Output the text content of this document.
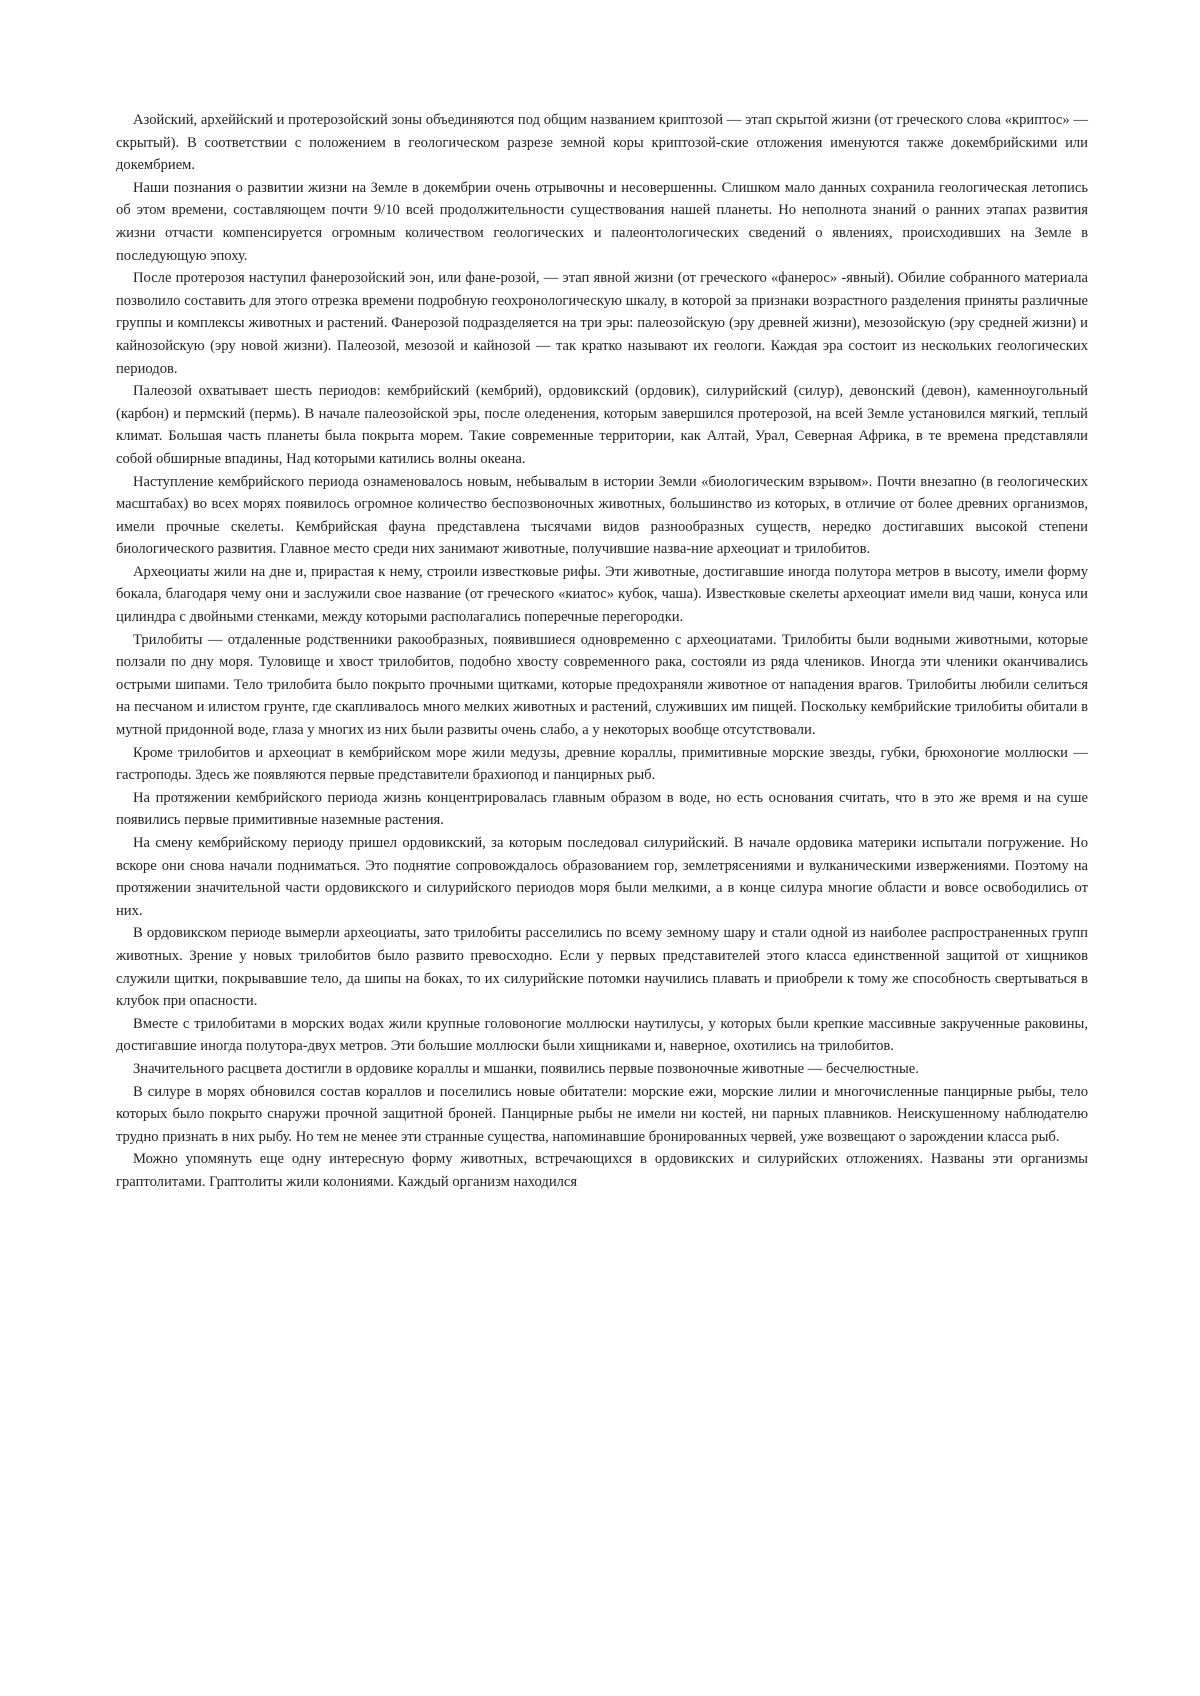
Азойский, археййский и протерозойский зоны объединяются под общим названием криптозой — этап скрытой жизни (от греческого слова «криптос» — скрытый). В соответствии с положением в геологическом разрезе земной коры криптозой-ские отложения именуются также докембрийскими или докембрием.

Наши познания о развитии жизни на Земле в докембрии очень отрывочны и несовершенны. Слишком мало данных сохранила геологическая летопись об этом времени, составляющем почти 9/10 всей продолжительности существования нашей планеты. Но неполнота знаний о ранних этапах развития жизни отчасти компенсируется огромным количеством геологических и палеонтологических сведений о явлениях, происходивших на Земле в последующую эпоху.

После протерозоя наступил фанерозойский эон, или фане-розой, — этап явной жизни (от греческого «фанерос» -явный). Обилие собранного материала позволило составить для этого отрезка времени подробную геохронологическую шкалу, в которой за признаки возрастного разделения приняты различные группы и комплексы животных и растений. Фанерозой подразделяется на три эры: палеозойскую (эру древней жизни), мезозойскую (эру средней жизни) и кайнозойскую (эру новой жизни). Палеозой, мезозой и кайнозой — так кратко называют их геологи. Каждая эра состоит из нескольких геологических периодов.

Палеозой охватывает шесть периодов: кембрийский (кембрий), ордовикский (ордовик), силурийский (силур), девонский (девон), каменноугольный (карбон) и пермский (пермь). В начале палеозойской эры, после оледенения, которым завершился протерозой, на всей Земле установился мягкий, теплый климат. Большая часть планеты была покрыта морем. Такие современные территории, как Алтай, Урал, Северная Африка, в те времена представляли собой обширные впадины, Над которыми катились волны океана.

Наступление кембрийского периода ознаменовалось новым, небывалым в истории Земли «биологическим взрывом». Почти внезапно (в геологических масштабах) во всех морях появилось огромное количество беспозвоночных животных, большинство из которых, в отличие от более древних организмов, имели прочные скелеты. Кембрийская фауна представлена тысячами видов разнообразных существ, нередко достигавших высокой степени биологического развития. Главное место среди них занимают животные, получившие назва-ние археоциат и трилобитов.

Археоциаты жили на дне и, прирастая к нему, строили известковые рифы. Эти животные, достигавшие иногда полутора метров в высоту, имели форму бокала, благодаря чему они и заслужили свое название (от греческого «киатос» кубок, чаша). Известковые скелеты археоциат имели вид чаши, конуса или цилиндра с двойными стенками, между которыми располагались поперечные перегородки.

Трилобиты — отдаленные родственники ракообразных, появившиеся одновременно с археоциатами. Трилобиты были водными животными, которые ползали по дну моря. Туловище и хвост трилобитов, подобно хвосту современного рака, состояли из ряда члеников. Иногда эти членики оканчивались острыми шипами. Тело трилобита было покрыто прочными щитками, которые предохраняли животное от нападения врагов. Трилобиты любили селиться на песчаном и илистом грунте, где скапливалось много мелких животных и растений, служивших им пищей. Поскольку кембрийские трилобиты обитали в мутной придонной воде, глаза у многих из них были развиты очень слабо, а у некоторых вообще отсутствовали.

Кроме трилобитов и археоциат в кембрийском море жили медузы, древние кораллы, примитивные морские звезды, губки, брюхоногие моллюски — гастроподы. Здесь же появляются первые представители брахиопод и панцирных рыб.

На протяжении кембрийского периода жизнь концентрировалась главным образом в воде, но есть основания считать, что в это же время и на суше появились первые примитивные наземные растения.

На смену кембрийскому периоду пришел ордовикский, за которым последовал силурийский. В начале ордовика материки испытали погружение. Но вскоре они снова начали подниматься. Это поднятие сопровождалось образованием гор, землетрясениями и вулканическими извержениями. Поэтому на протяжении значительной части ордовикского и силурийского периодов моря были мелкими, а в конце силура многие области и вовсе освободились от них.

В ордовикском периоде вымерли археоциаты, зато трилобиты расселились по всему земному шару и стали одной из наиболее распространенных групп животных. Зрение у новых трилобитов было развито превосходно. Если у первых представителей этого класса единственной защитой от хищников служили щитки, покрывавшие тело, да шипы на боках, то их силурийские потомки научились плавать и приобрели к тому же способность свертываться в клубок при опасности.

Вместе с трилобитами в морских водах жили крупные головоногие моллюски наутилусы, у которых были крепкие массивные закрученные раковины, достигавшие иногда полутора-двух метров. Эти большие моллюски были хищниками и, наверное, охотились на трилобитов.

Значительного расцвета достигли в ордовике кораллы и мшанки, появились первые позвоночные животные — бесчелюстные.

В силуре в морях обновился состав кораллов и поселились новые обитатели: морские ежи, морские лилии и многочисленные панцирные рыбы, тело которых было покрыто снаружи прочной защитной броней. Панцирные рыбы не имели ни костей, ни парных плавников. Неискушенному наблюдателю трудно признать в них рыбу. Но тем не менее эти странные существа, напоминавшие бронированных червей, уже возвещают о зарождении класса рыб.

Можно упомянуть еще одну интересную форму животных, встречающихся в ордовикских и силурийских отложениях. Названы эти организмы граптолитами. Граптолиты жили колониями. Каждый организм находился
